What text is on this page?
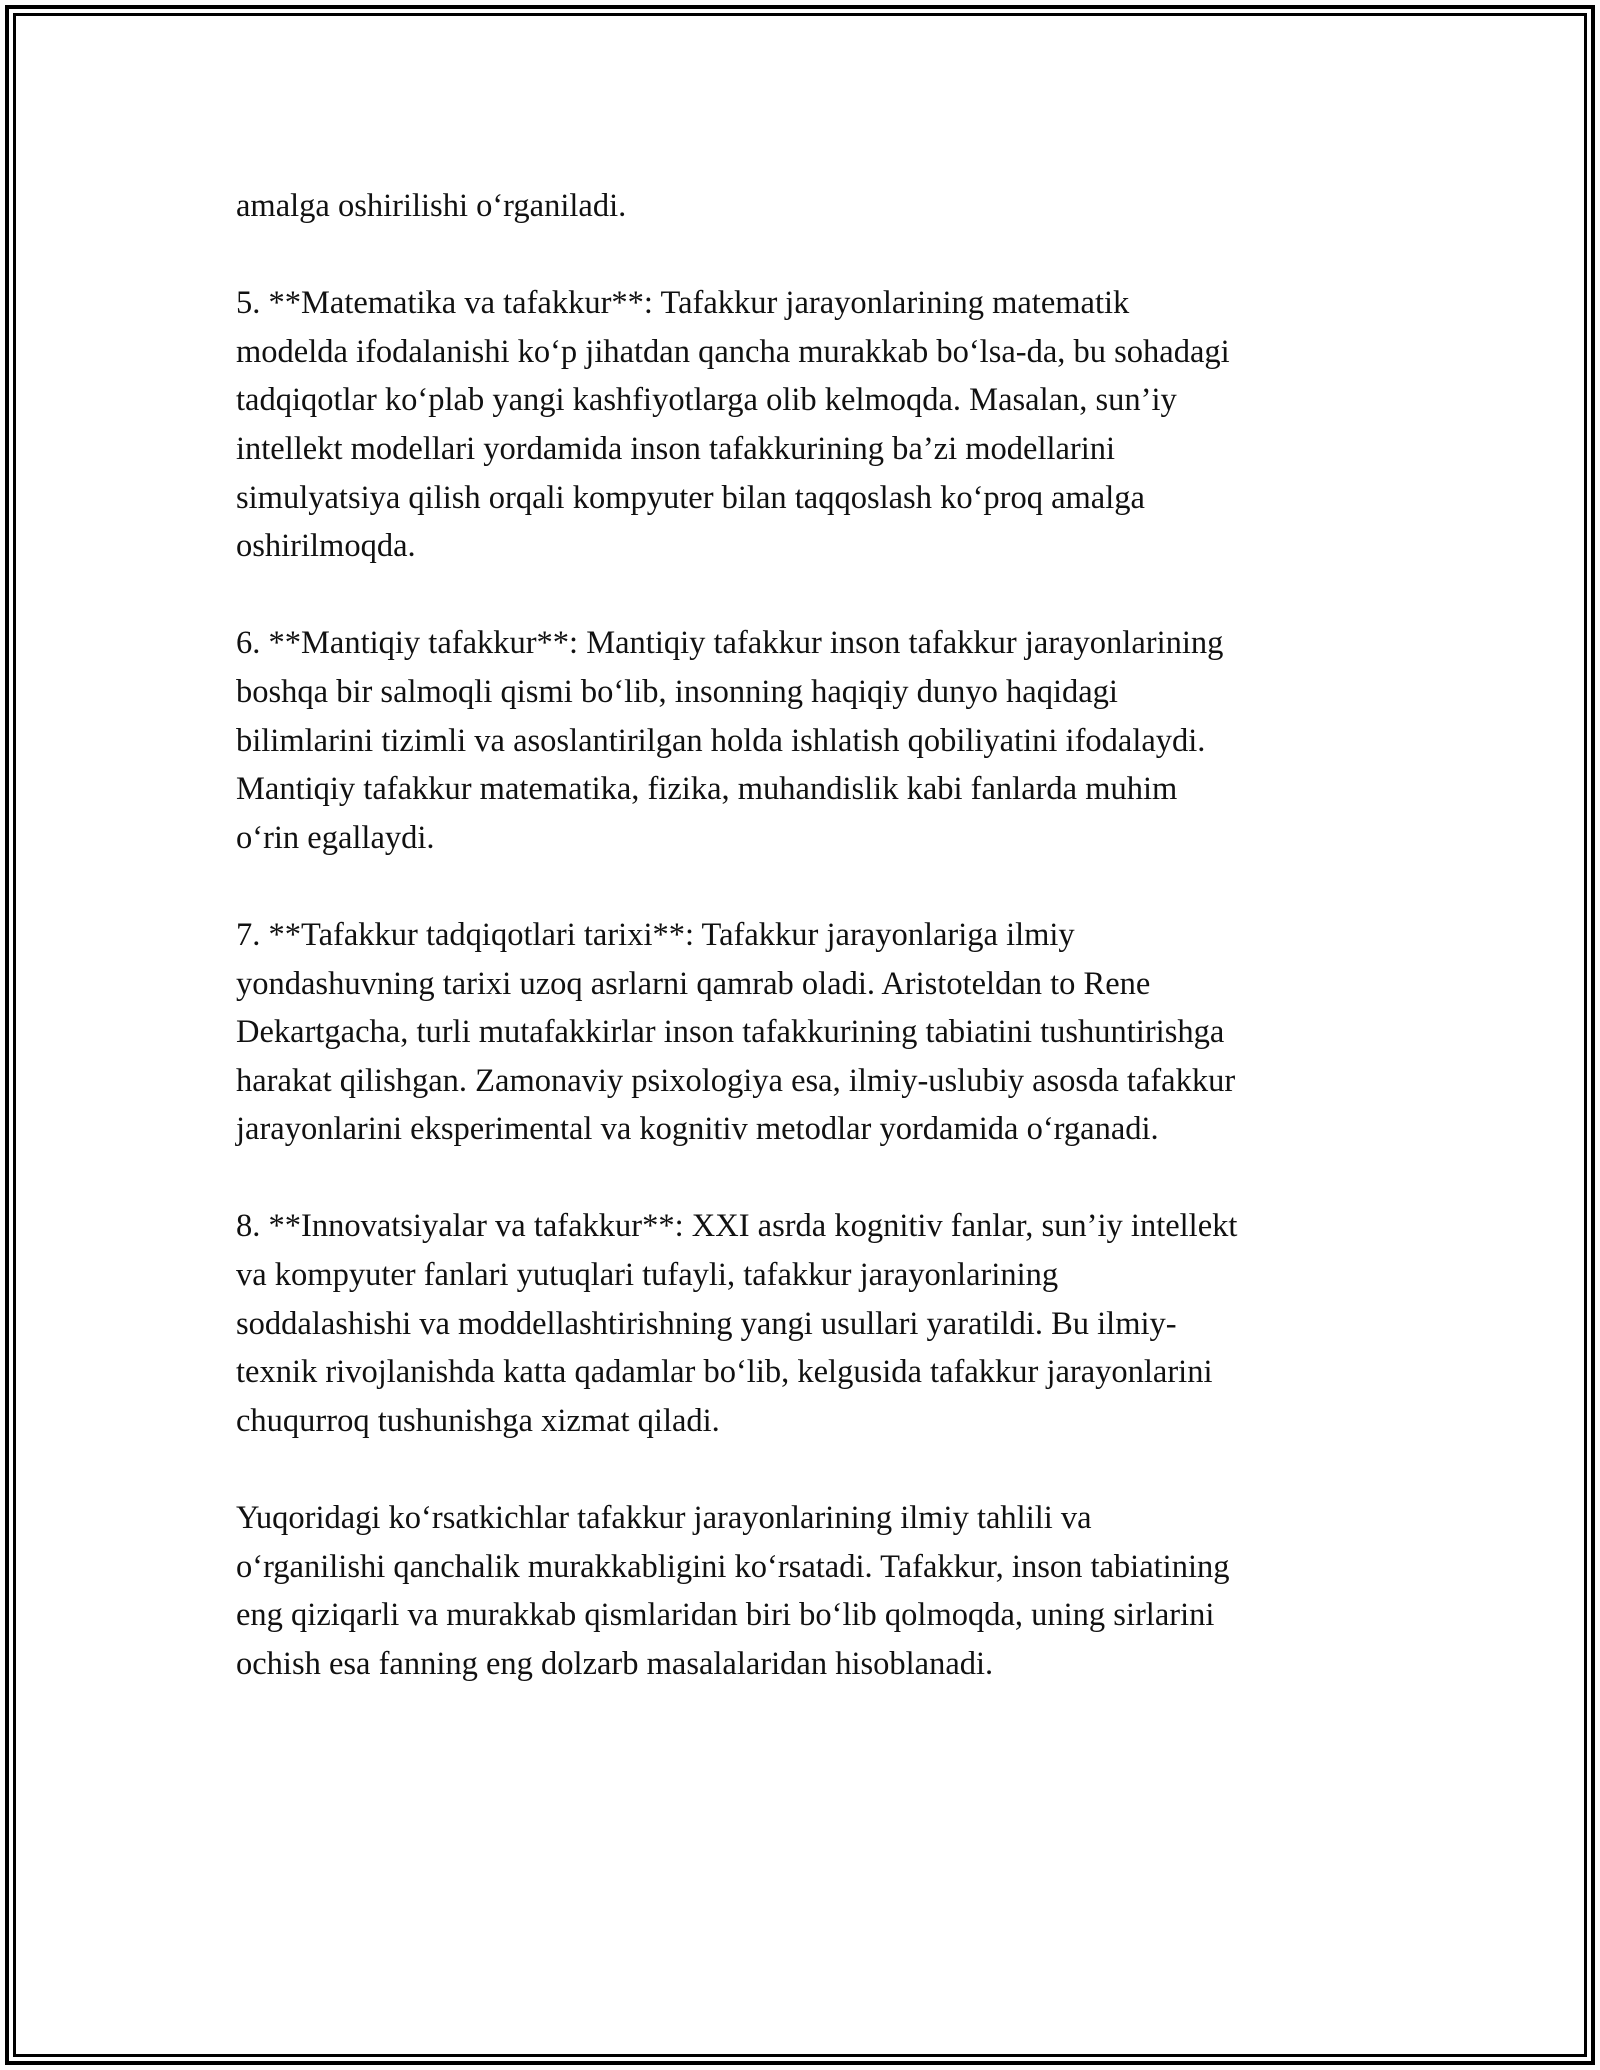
amalga oshirilishi o‘rganiladi.

5. **Matematika va tafakkur**: Tafakkur jarayonlarining matematik
modelda ifodalanishi ko‘p jihatdan qancha murakkab bo‘lsa-da, bu sohadagi
tadqiqotlar ko‘plab yangi kashfiyotlarga olib kelmoqda. Masalan, sun’iy
intellekt modellari yordamida inson tafakkurining ba’zi modellarini
simulyatsiya qilish orqali kompyuter bilan taqqoslash ko‘proq amalga
oshirilmoqda.

6. **Mantiqiy tafakkur**: Mantiqiy tafakkur inson tafakkur jarayonlarining
boshqa bir salmoqli qismi bo‘lib, insonning haqiqiy dunyo haqidagi
bilimlarini tizimli va asoslantirilgan holda ishlatish qobiliyatini ifodalaydi.
Mantiqiy tafakkur matematika, fizika, muhandislik kabi fanlarda muhim
o‘rin egallaydi.

7. **Tafakkur tadqiqotlari tarixi**: Tafakkur jarayonlariga ilmiy
yondashuvning tarixi uzoq asrlarni qamrab oladi. Aristoteldan to Rene
Dekartgacha, turli mutafakkirlar inson tafakkurining tabiatini tushuntirishga
harakat qilishgan. Zamonaviy psixologiya esa, ilmiy-uslubiy asosda tafakkur
jarayonlarini eksperimental va kognitiv metodlar yordamida o‘rganadi.

8. **Innovatsiyalar va tafakkur**: XXI asrda kognitiv fanlar, sun’iy intellekt
va kompyuter fanlari yutuqlari tufayli, tafakkur jarayonlarining
soddalashishi va moddellashtirishning yangi usullari yaratildi. Bu ilmiy-
texnik rivojlanishda katta qadamlar bo‘lib, kelgusida tafakkur jarayonlarini
chuqurroq tushunishga xizmat qiladi.

Yuqoridagi ko‘rsatkichlar tafakkur jarayonlarining ilmiy tahlili va
o‘rganilishi qanchalik murakkabligini ko‘rsatadi. Tafakkur, inson tabiatining
eng qiziqarli va murakkab qismlaridan biri bo‘lib qolmoqda, uning sirlarini
ochish esa fanning eng dolzarb masalalaridan hisoblanadi.
